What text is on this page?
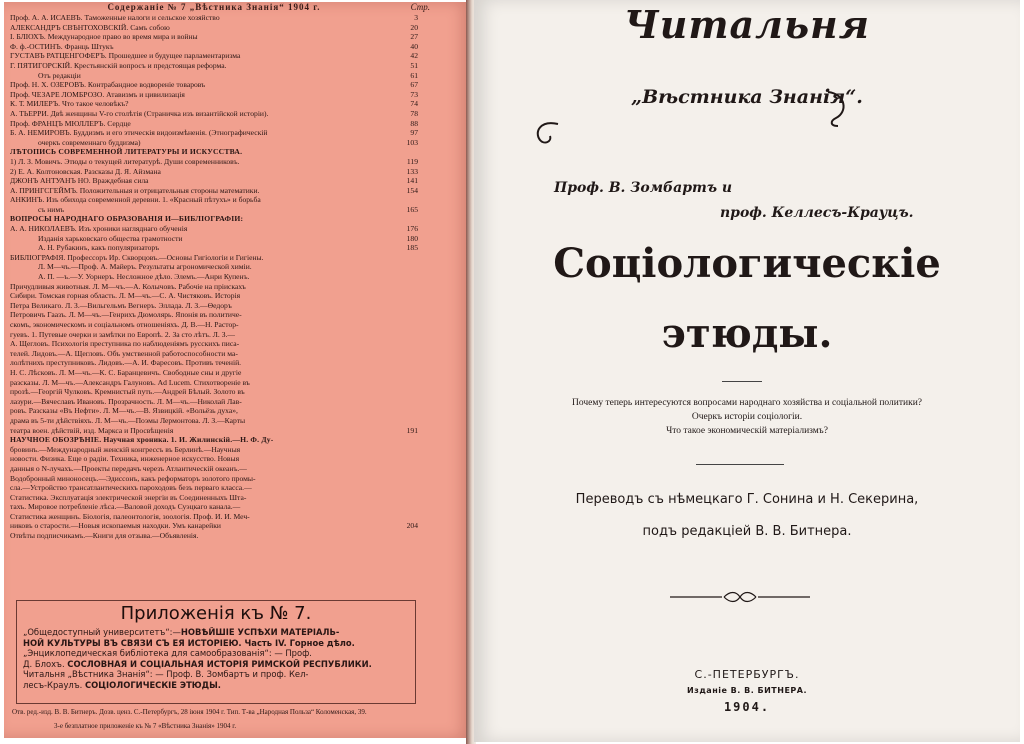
Содержаніе № 7 „Вѣстника Знанія“ 1904 г.	Стр.
Проф. А. А. ИСАЕВЪ. Таможенные налоги и сельское хозяйство	3
АЛЕКСАНДРЪ СВѢНТОХОВСКІЙ. Самъ собою	20
І. БЛІОХЪ. Международное право во время мира и войны	27
Ф. ф.-ОСТИНЪ. Франць Штукъ	40
ГУСТАВЪ РАТЦЕНГОФЕРЪ. Прошедшее и будущее парламентаризма	42
Г. ПЯТИГОРСКІЙ. Крестьянскій вопросъ и предстоящая реформа.	51
Отъ редакціи	61
Проф. Н. Х. ОЗЕРОВЪ. Контрабандное водвореніе товаровъ	67
Проф. ЧЕЗАРЕ ЛОМБРОЗО. Атавизмъ и цивилизація	73
К. Т. МИЛЕРЪ. Что такое человѣкъ?	74
А. ТЬЕРРИ. Двѣ женщины V-го столѣтія (Страничка изъ византійской исторіи).	78
Проф. ФРАНЦЪ МЮЛЛЕРЪ. Сердце	88
Б. А. НЕМИРОВЪ. Буддизмъ и его этическія видоизмѣненія. (Этнографическій	97
очеркъ современнаго буддизма)	103
ЛѢТОПИСЬ СОВРЕМЕННОЙ ЛИТЕРАТУРЫ И ИСКУССТВА.
1) Л. З. Мовичъ. Этюды о текущей литературѣ. Души современниковъ.	119
2) Е. А. Колтоновская. Разсказы Д. Я. Айзмана	133
ДЖОНЪ АНТУАНЪ НО. Враждебная сила	141
А. ПРИНГСГЕЙМЪ. Положительныя и отрицательныя стороны математики.	154
АНКИНЪ. Изъ обихода современной деревни. 1. «Красный пѣтухъ» и борьба
съ нимъ	165
ВОПРОСЫ НАРОДНАГО ОБРАЗОВАНІЯ И—БИБЛІОГРАФІИ:
А. А. НИКОЛАЕВЪ. Изъ хроники нагляднаго обученія	176
Изданія харьковскаго общества грамотности	180
А. Н. Рубакинъ, какъ популяризаторъ	185
БИБЛІОГРАФІЯ. Профессоръ Ир. Скворцовъ.—Основы Гигіологіи и Гигіены.
Л. М—чъ.—Проф. А. Майеръ. Результаты агрономической химіи.
А. П. —ъ.—У. Уорнеръ. Несложное дѣло. Элемъ.—Анри Купенъ.
Причудливыя животныя. Л. М—чъ.—А. Колычовъ. Рабочіе на пріискахъ
Сибири. Томская горная область. Л. М—чъ.—С. А. Чистяковъ. Исторія
Петра Великаго. Л. З.—Вильгельмъ Вегнеръ. Эллада. Л. З.—Ѳедоръ
Петровичъ Гаазъ. Л. М—чъ.—Генрихъ Дюмолярь. Японія въ политиче-
скомъ, экономическомъ и соціальномъ отношеніяхъ. Д. В.—Н. Растор-
гуевъ. 1. Путевые очерки и замѣтки по Европѣ. 2. За сто лѣтъ. Л. З.—
А. Щегловъ. Психологія преступника по наблюденіямъ русскихъ писа-
телей. Лидовъ.—А. Щегловъ. Объ умственной работоспособности ма-
лолѣтнихъ преступниковъ. Лидовъ.—А. И. Фаресовъ. Противъ теченій.
Н. С. Лѣсковъ. Л. М—чъ.—К. С. Баранцевичъ. Свободные сны и другіе
разсказы. Л. М—чъ.—Александръ Галуновъ. Ad Lucem. Стихотвореніе въ
прозѣ.—Георгій Чулковъ. Кремнистый путь.—Андрей Бѣлый. Золото въ
лазури.—Вячеславъ Ивановъ. Прозрачность. Л. М—чъ.—Николай Лав-
ровъ. Разсказы «Въ Нефти». Л. М—чъ.—В. Язвицкій. «Вольёзь духа»,
драма въ 5-ти дѣйствіяхъ. Л. М—чъ.—Поэмы Лермонтова. Л. З.—Карты
театра воен. дѣйствій, изд. Маркса и Просвѣщенія	191
НАУЧНОЕ ОБОЗРѢНІЕ. Научная хроника. 1. И. Жилинскій.—Н. Ф. Ду-
бровинъ.—Международный женскій конгрессъ въ Берлинѣ.—Научныя
новости. Физика. Еще о радіи. Техника, инженерное искусство. Новыя
данныя о N-лучахъ.—Проекты передачъ черезъ Атлантическій океанъ.—
Водобронный миноносецъ.—Эдиссонъ, какъ реформаторъ золотого промы-
сла.—Устройство трансатлантическихъ пароходовъ безъ перваго класса.—
Статистика. Эксплуатація электрической энергіи въ Соединенныхъ Шта-
тахъ. Мировое потребленіе лѣса.—Валовой доходъ Суэцкаго канала.—
Статистика женщинъ. Біологія, палеонтологія, зоологія. Проф. И. И. Меч-
никовъ о старости.—Новыя ископаемыя находки. Умъ канарейки	204
Отвѣты подписчикамъ.—Книги для отзыва.—Объявленія.
Приложенія къ № 7.
„Общедоступный университетъ“:—НОВѢЙШІЕ УСПѢХИ МАТЕРІАЛЬ-
НОЙ КУЛЬТУРЫ ВЪ СВЯЗИ СЪ ЕЯ ИСТОРІЕЮ. Часть IV. Горное дѣло.
„Энциклопедическая библіотека для самообразованія“: — Проф.
Д. Блохъ. СОСЛОВНАЯ И СОЦІАЛЬНАЯ ИСТОРІЯ РИМСКОЙ РЕСПУБЛИКИ.
Читальня „Вѣстника Знанія“: — Проф. В. Зомбартъ и проф. Кел-
лесъ-Краулъ. СОЦІОЛОГИЧЕСКІЕ ЭТЮДЫ.
Отв. ред.-изд. В. В. Битнеръ. Дозв. ценз. С.-Петербургъ, 28 іюня 1904 г. Тип. Т-ва „Народная Польза“ Коломенская, 39.
3-е безплатное приложеніе къ № 7 «Вѣстника Знанія» 1904 г.
Читальня
„Вѣстника Знанія“.
Проф. В. Зомбартъ и
проф. Келлесъ-Крауцъ.
Соціологическіе
этюды.
Почему теперь интересуются вопросами народнаго хозяйства и соціальной политики?
Очеркъ исторіи соціологіи.
Что такое экономическій матеріализмъ?
Переводъ съ нѣмецкаго Г. Сонина и Н. Секерина,
подъ редакціей В. В. Битнера.
С.-ПЕТЕРБУРГЪ.
Изданіе В. В. БИТНЕРА.
1904.
